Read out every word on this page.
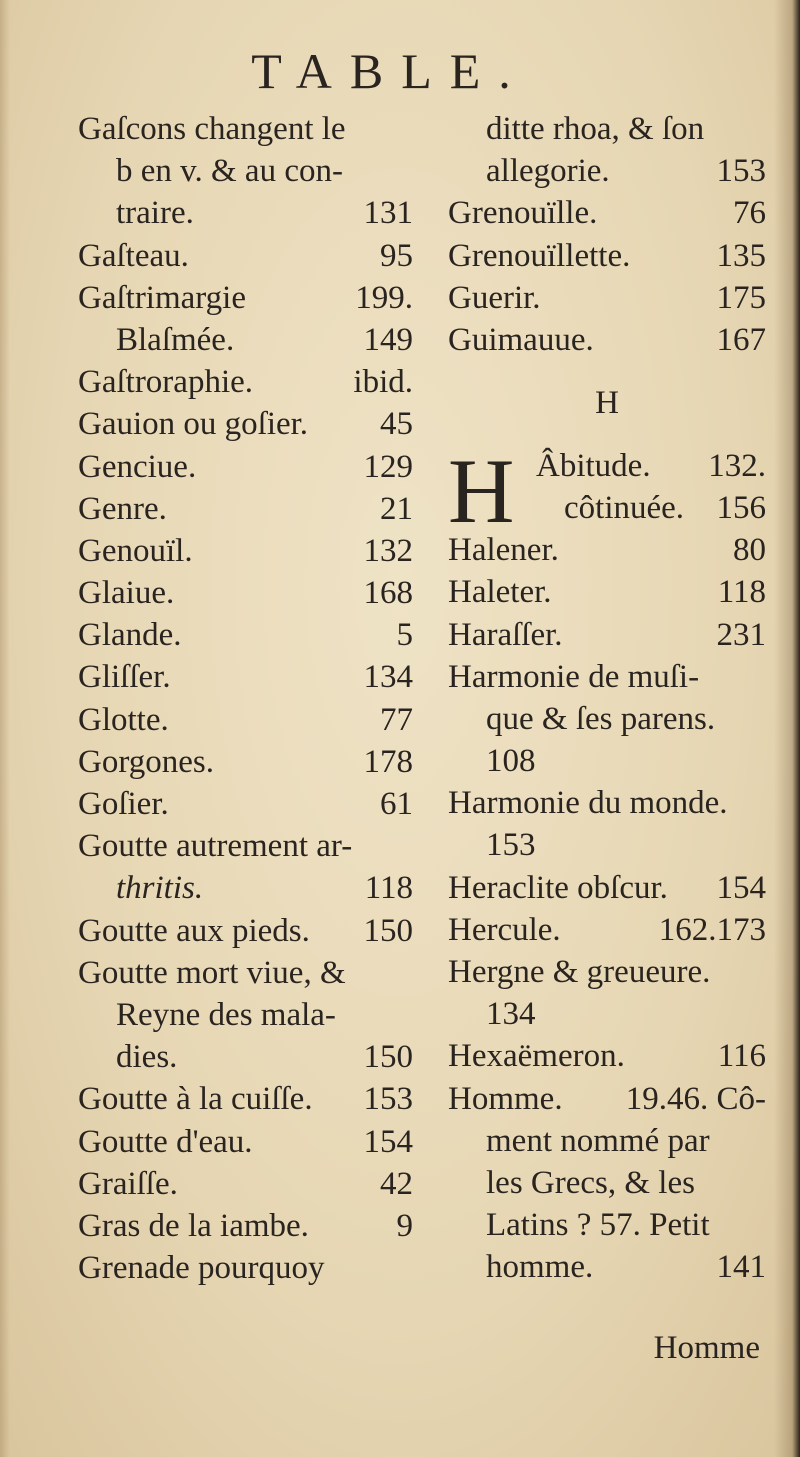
TABLE.
Gaſcons changent le
b en v. & au con-
traire.	131
Gaſteau.	95
Gaſtrimargie	199.
Blaſmée.	149
Gaſtroraphie.	ibid.
Gauion ou goſier. 45
Genciue.	129
Genre.	21
Genouïl.	132
Glaiue.	168
Glande.	5
Gliſſer.	134
Glotte.	77
Gorgones.	178
Goſier.	61
Goutte autrement ar-
thritis.	118
Goutte aux pieds. 150
Goutte mort viue, &
Reyne des mala-
dies.	150
Goutte à la cuiſſe. 153
Goutte d'eau.	154
Graiſſe.	42
Gras de la iambe.	9
Grenade pourquoy
ditte rhoa, & ſon
allegorie.	153
Grenouïlle.	76
Grenouïllette.	135
Guerir.	175
Guimauue.	167
H
H Âbitude. 132.
côtinuée. 156
Halener.	80
Haleter.	118
Haraſſer.	231
Harmonie de muſi-
que & ſes parens.
108
Harmonie du monde.
153
Heraclite obſcur. 154
Hercule.	162.173
Hergne & greueure.
134
Hexaëmeron.	116
Homme. 19.46. Cô-
ment nommé par
les Grecs, & les
Latins ? 57. Petit
homme.	141
Homme
